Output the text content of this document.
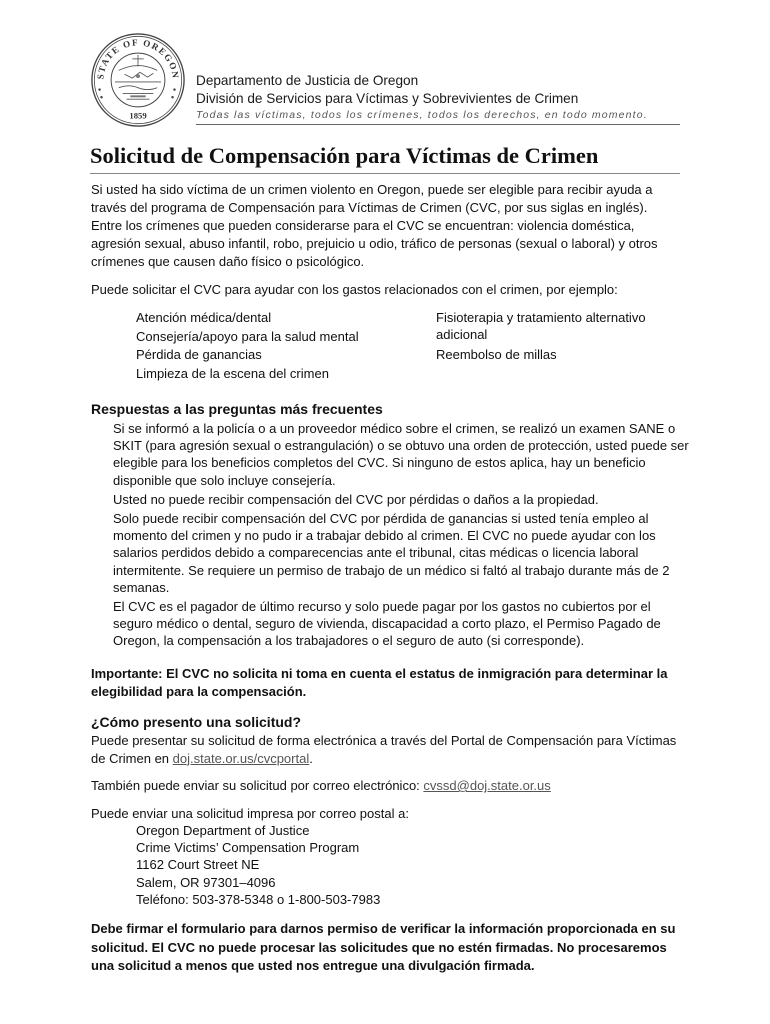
STATE OF OREGON
1859
Departamento de Justicia de Oregon
División de Servicios para Víctimas y Sobrevivientes de Crimen
Todas las víctimas, todos los crímenes, todos los derechos, en todo momento.
Solicitud de Compensación para Víctimas de Crimen

Si usted ha sido víctima de un crimen violento en Oregon, puede ser elegible para recibir ayuda a través del programa de Compensación para Víctimas de Crimen (CVC, por sus siglas en inglés). Entre los crímenes que pueden considerarse para el CVC se encuentran: violencia doméstica, agresión sexual, abuso infantil, robo, prejuicio u odio, tráfico de personas (sexual o laboral) y otros crímenes que causen daño físico o psicológico.

Puede solicitar el CVC para ayudar con los gastos relacionados con el crimen, por ejemplo:

Atención médica/dental
Consejería/apoyo para la salud mental
Pérdida de ganancias
Limpieza de la escena del crimen
Fisioterapia y tratamiento alternativo adicional
Reembolso de millas
Respuestas a las preguntas más frecuentes

Si se informó a la policía o a un proveedor médico sobre el crimen, se realizó un examen SANE o SKIT (para agresión sexual o estrangulación) o se obtuvo una orden de protección, usted puede ser elegible para los beneficios completos del CVC. Si ninguno de estos aplica, hay un beneficio disponible que solo incluye consejería.

Usted no puede recibir compensación del CVC por pérdidas o daños a la propiedad.

Solo puede recibir compensación del CVC por pérdida de ganancias si usted tenía empleo al momento del crimen y no pudo ir a trabajar debido al crimen. El CVC no puede ayudar con los salarios perdidos debido a comparecencias ante el tribunal, citas médicas o licencia laboral intermitente. Se requiere un permiso de trabajo de un médico si faltó al trabajo durante más de 2 semanas.

El CVC es el pagador de último recurso y solo puede pagar por los gastos no cubiertos por el seguro médico o dental, seguro de vivienda, discapacidad a corto plazo, el Permiso Pagado de Oregon, la compensación a los trabajadores o el seguro de auto (si corresponde).

Importante: El CVC no solicita ni toma en cuenta el estatus de inmigración para determinar la elegibilidad para la compensación.

¿Cómo presento una solicitud?

Puede presentar su solicitud de forma electrónica a través del Portal de Compensación para Víctimas de Crimen en doj.state.or.us/cvcportal.

También puede enviar su solicitud por correo electrónico: cvssd@doj.state.or.us

Puede enviar una solicitud impresa por correo postal a:

Oregon Department of Justice
Crime Victims’ Compensation Program
1162 Court Street NE
Salem, OR 97301–4096
Teléfono: 503-378-5348 o 1-800-503-7983

Debe firmar el formulario para darnos permiso de verificar la información proporcionada en su solicitud. El CVC no puede procesar las solicitudes que no estén firmadas. No procesaremos una solicitud a menos que usted nos entregue una divulgación firmada.
